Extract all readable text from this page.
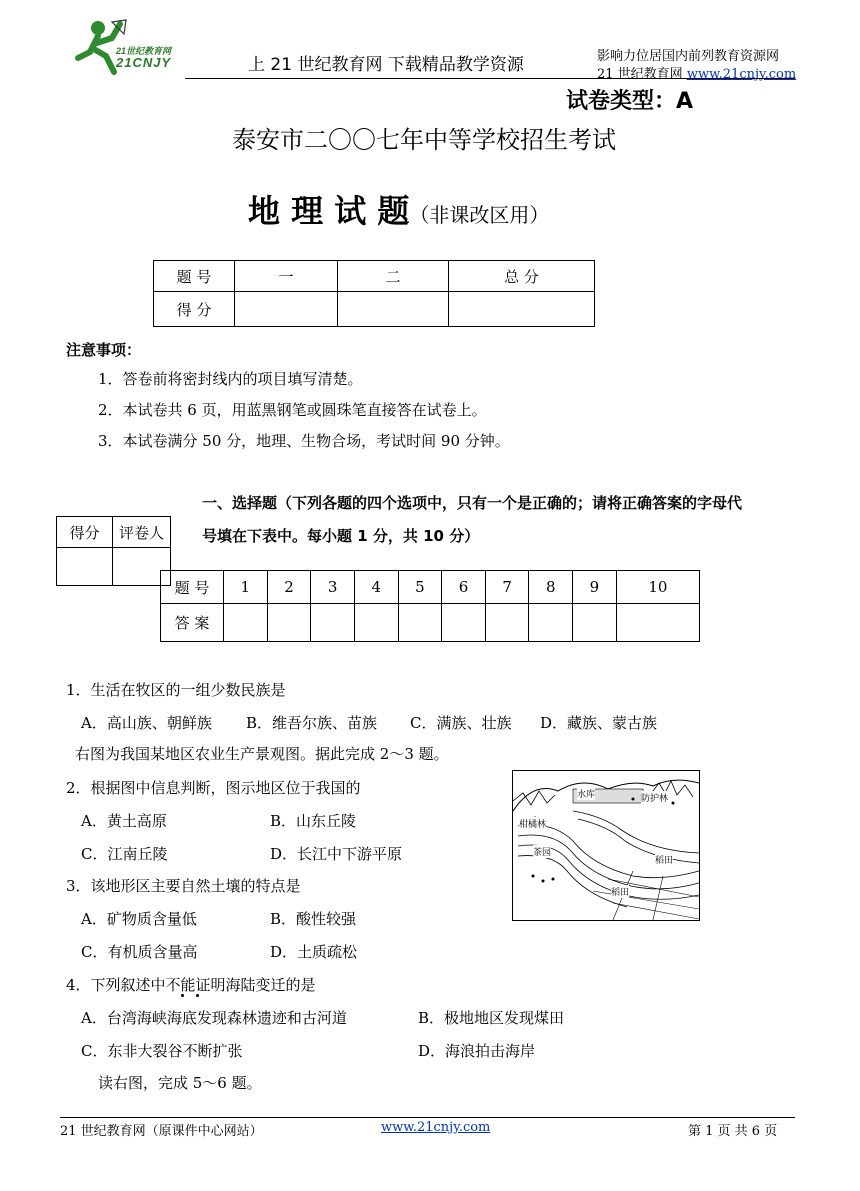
21世纪教育网
21CNJY	上 21 世纪教育网 下载精品教学资源	影响力位居国内前列教育资源网
21 世纪教育网 www.21cnjy.com
试卷类型：A
泰安市二〇〇七年中等学校招生考试
地 理 试 题（非课改区用）
题 号	一	二	总 分
得 分			
注意事项：
1．答卷前将密封线内的项目填写清楚。
2．本试卷共 6 页，用蓝黑钢笔或圆珠笔直接答在试卷上。
3．本试卷满分 50 分，地理、生物合场，考试时间 90 分钟。
得分	评卷人

一、选择题（下列各题的四个选项中，只有一个是正确的；请将正确答案的字母代
号填在下表中。每小题 1 分，共 10 分）
题 号	1	2	3	4	5	6	7	8	9	10
答 案										
1．生活在牧区的一组少数民族是
A．高山族、朝鲜族 B．维吾尔族、苗族 C．满族、壮族 D．藏族、蒙古族
右图为我国某地区农业生产景观图。据此完成 2～3 题。
2．根据图中信息判断，图示地区位于我国的
A．黄土高原	B．山东丘陵
C．江南丘陵	D．长江中下游平原
3．该地形区主要自然土壤的特点是
A．矿物质含量低	B．酸性较强
C．有机质含量高	D．土质疏松
4．下列叙述中不能证明海陆变迁的是
A．台湾海峡海底发现森林遗迹和古河道	B．极地地区发现煤田
C．东非大裂谷不断扩张	D．海浪拍击海岸
读右图，完成 5～6 题。
水库	防护林
柑橘林
茶园
稻田
稻田
21 世纪教育网（原课件中心网站）	www.21cnjy.com	第 1 页 共 6 页
